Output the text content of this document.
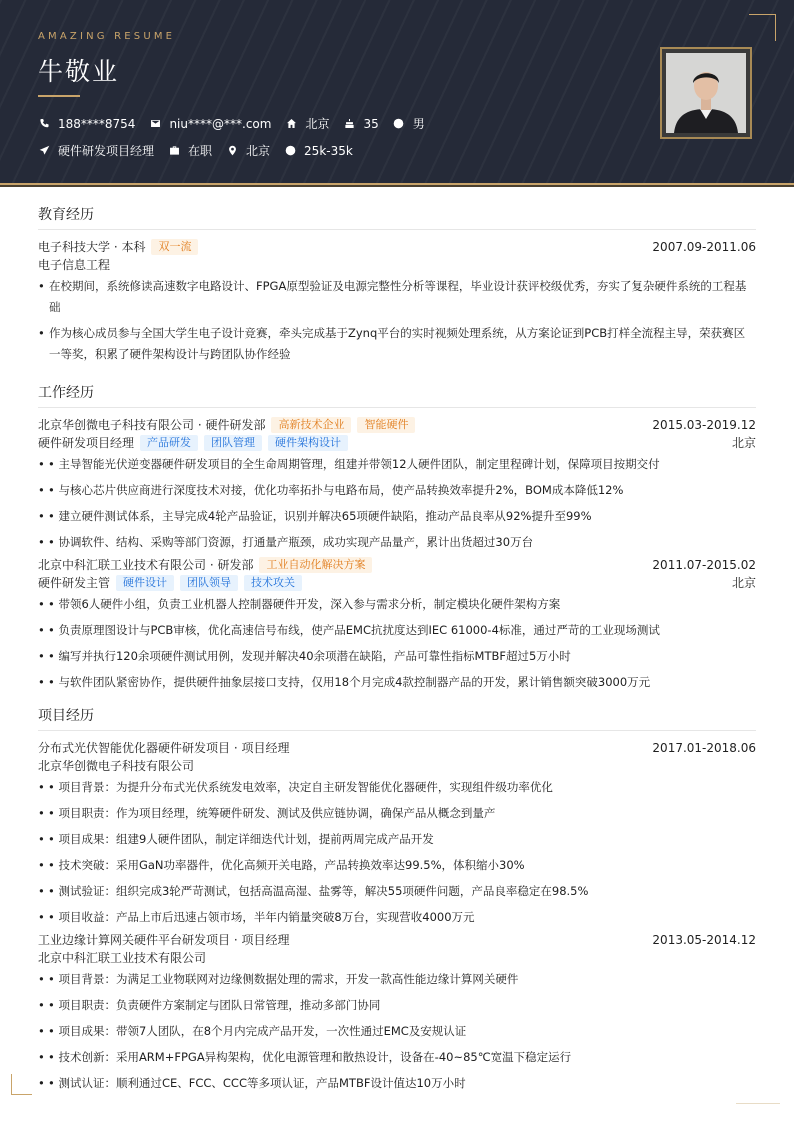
AMAZING RESUME
牛敬业
188****8754	niu****@***.com	北京	35	男
硬件研发项目经理	在职	北京	25k-35k
教育经历
电子科技大学 · 本科	双一流	2007.09-2011.06
电子信息工程
• 在校期间，系统修读高速数字电路设计、FPGA原型验证及电源完整性分析等课程，毕业设计获评校级优秀，夯实了复杂硬件系统的工程基础
• 作为核心成员参与全国大学生电子设计竞赛，牵头完成基于Zynq平台的实时视频处理系统，从方案论证到PCB打样全流程主导，荣获赛区一等奖，积累了硬件架构设计与跨团队协作经验
工作经历
北京华创微电子科技有限公司 · 硬件研发部	高新技术企业	智能硬件	2015.03-2019.12
硬件研发项目经理	产品研发	团队管理	硬件架构设计	北京
• • 主导智能光伏逆变器硬件研发项目的全生命周期管理，组建并带领12人硬件团队，制定里程碑计划，保障项目按期交付
• • 与核心芯片供应商进行深度技术对接，优化功率拓扑与电路布局，使产品转换效率提升2%，BOM成本降低12%
• • 建立硬件测试体系，主导完成4轮产品验证，识别并解决65项硬件缺陷，推动产品良率从92%提升至99%
• • 协调软件、结构、采购等部门资源，打通量产瓶颈，成功实现产品量产，累计出货超过30万台
北京中科汇联工业技术有限公司 · 研发部	工业自动化解决方案	2011.07-2015.02
硬件研发主管	硬件设计	团队领导	技术攻关	北京
• • 带领6人硬件小组，负责工业机器人控制器硬件开发，深入参与需求分析，制定模块化硬件架构方案
• • 负责原理图设计与PCB审核，优化高速信号布线，使产品EMC抗扰度达到IEC 61000-4标准，通过严苛的工业现场测试
• • 编写并执行120余项硬件测试用例，发现并解决40余项潜在缺陷，产品可靠性指标MTBF超过5万小时
• • 与软件团队紧密协作，提供硬件抽象层接口支持，仅用18个月完成4款控制器产品的开发，累计销售额突破3000万元
项目经历
分布式光伏智能优化器硬件研发项目 · 项目经理	2017.01-2018.06
北京华创微电子科技有限公司
• • 项目背景：为提升分布式光伏系统发电效率，决定自主研发智能优化器硬件，实现组件级功率优化
• • 项目职责：作为项目经理，统筹硬件研发、测试及供应链协调，确保产品从概念到量产
• • 项目成果：组建9人硬件团队，制定详细迭代计划，提前两周完成产品开发
• • 技术突破：采用GaN功率器件，优化高频开关电路，产品转换效率达99.5%，体积缩小30%
• • 测试验证：组织完成3轮严苛测试，包括高温高湿、盐雾等，解决55项硬件问题，产品良率稳定在98.5%
• • 项目收益：产品上市后迅速占领市场，半年内销量突破8万台，实现营收4000万元
工业边缘计算网关硬件平台研发项目 · 项目经理	2013.05-2014.12
北京中科汇联工业技术有限公司
• • 项目背景：为满足工业物联网对边缘侧数据处理的需求，开发一款高性能边缘计算网关硬件
• • 项目职责：负责硬件方案制定与团队日常管理，推动多部门协同
• • 项目成果：带领7人团队，在8个月内完成产品开发，一次性通过EMC及安规认证
• • 技术创新：采用ARM+FPGA异构架构，优化电源管理和散热设计，设备在-40~85℃宽温下稳定运行
• • 测试认证：顺利通过CE、FCC、CCC等多项认证，产品MTBF设计值达10万小时
